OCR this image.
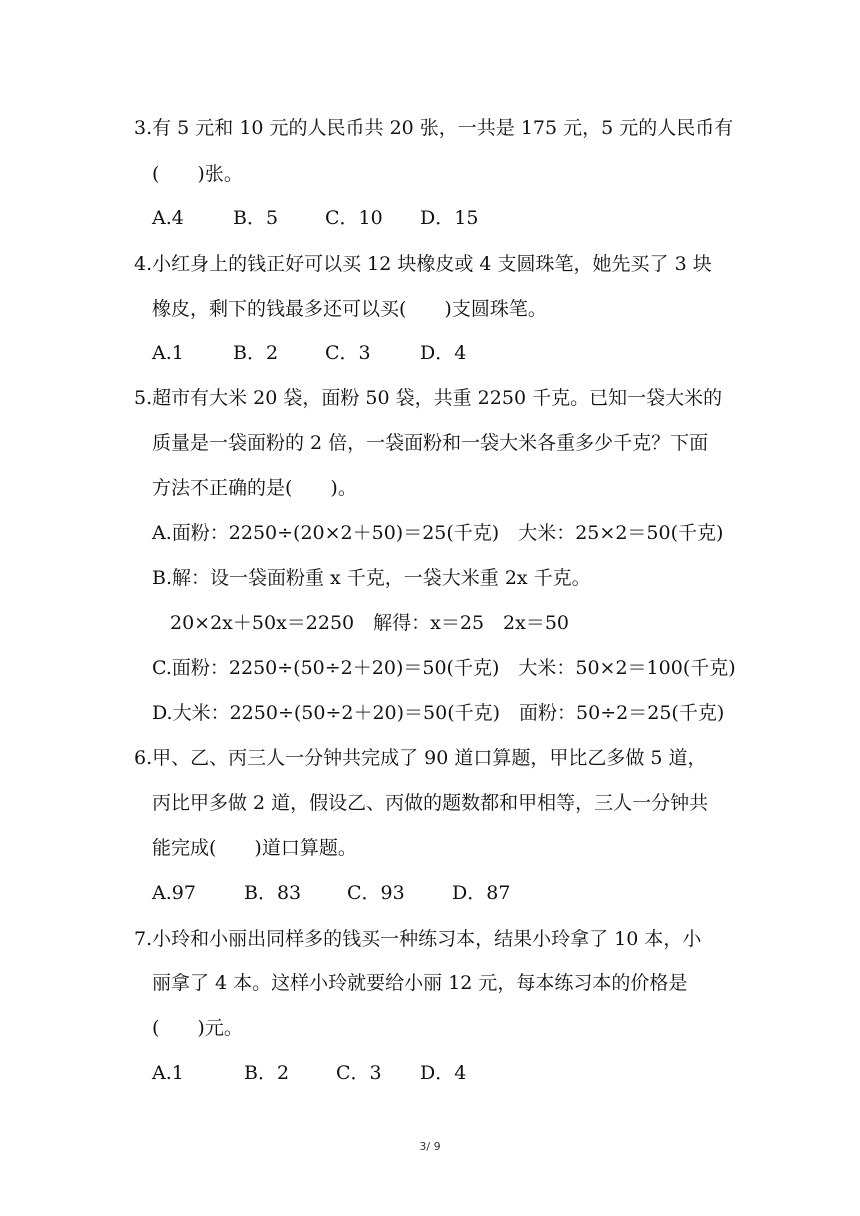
3.有 5 元和 10 元的人民币共 20 张，一共是 175 元，5 元的人民币有
(　　)张。
A.4	B．5 C．10 D．15
4.小红身上的钱正好可以买 12 块橡皮或 4 支圆珠笔，她先买了 3 块
橡皮，剩下的钱最多还可以买(　　)支圆珠笔。
A.1	B．2 C．3	D．4
5.超市有大米 20 袋，面粉 50 袋，共重 2250 千克。已知一袋大米的
质量是一袋面粉的 2 倍，一袋面粉和一袋大米各重多少千克？下面
方法不正确的是(　　)。
A.面粉：2250÷(20×2＋50)＝25(千克)　大米：25×2＝50(千克)
B.解：设一袋面粉重 x 千克，一袋大米重 2x 千克。
20×2x＋50x＝2250　解得：x＝25　2x＝50
C.面粉：2250÷(50÷2＋20)＝50(千克)　大米：50×2＝100(千克)
D.大米：2250÷(50÷2＋20)＝50(千克)　面粉：50÷2＝25(千克)
6.甲、乙、丙三人一分钟共完成了 90 道口算题，甲比乙多做 5 道，
丙比甲多做 2 道，假设乙、丙做的题数都和甲相等，三人一分钟共
能完成(　　)道口算题。
A.97	B．83 C．93 D．87
7.小玲和小丽出同样多的钱买一种练习本，结果小玲拿了 10 本，小
丽拿了 4 本。这样小玲就要给小丽 12 元，每本练习本的价格是
(　　)元。
A.1	B．2 C．3 D．4
3/ 9
